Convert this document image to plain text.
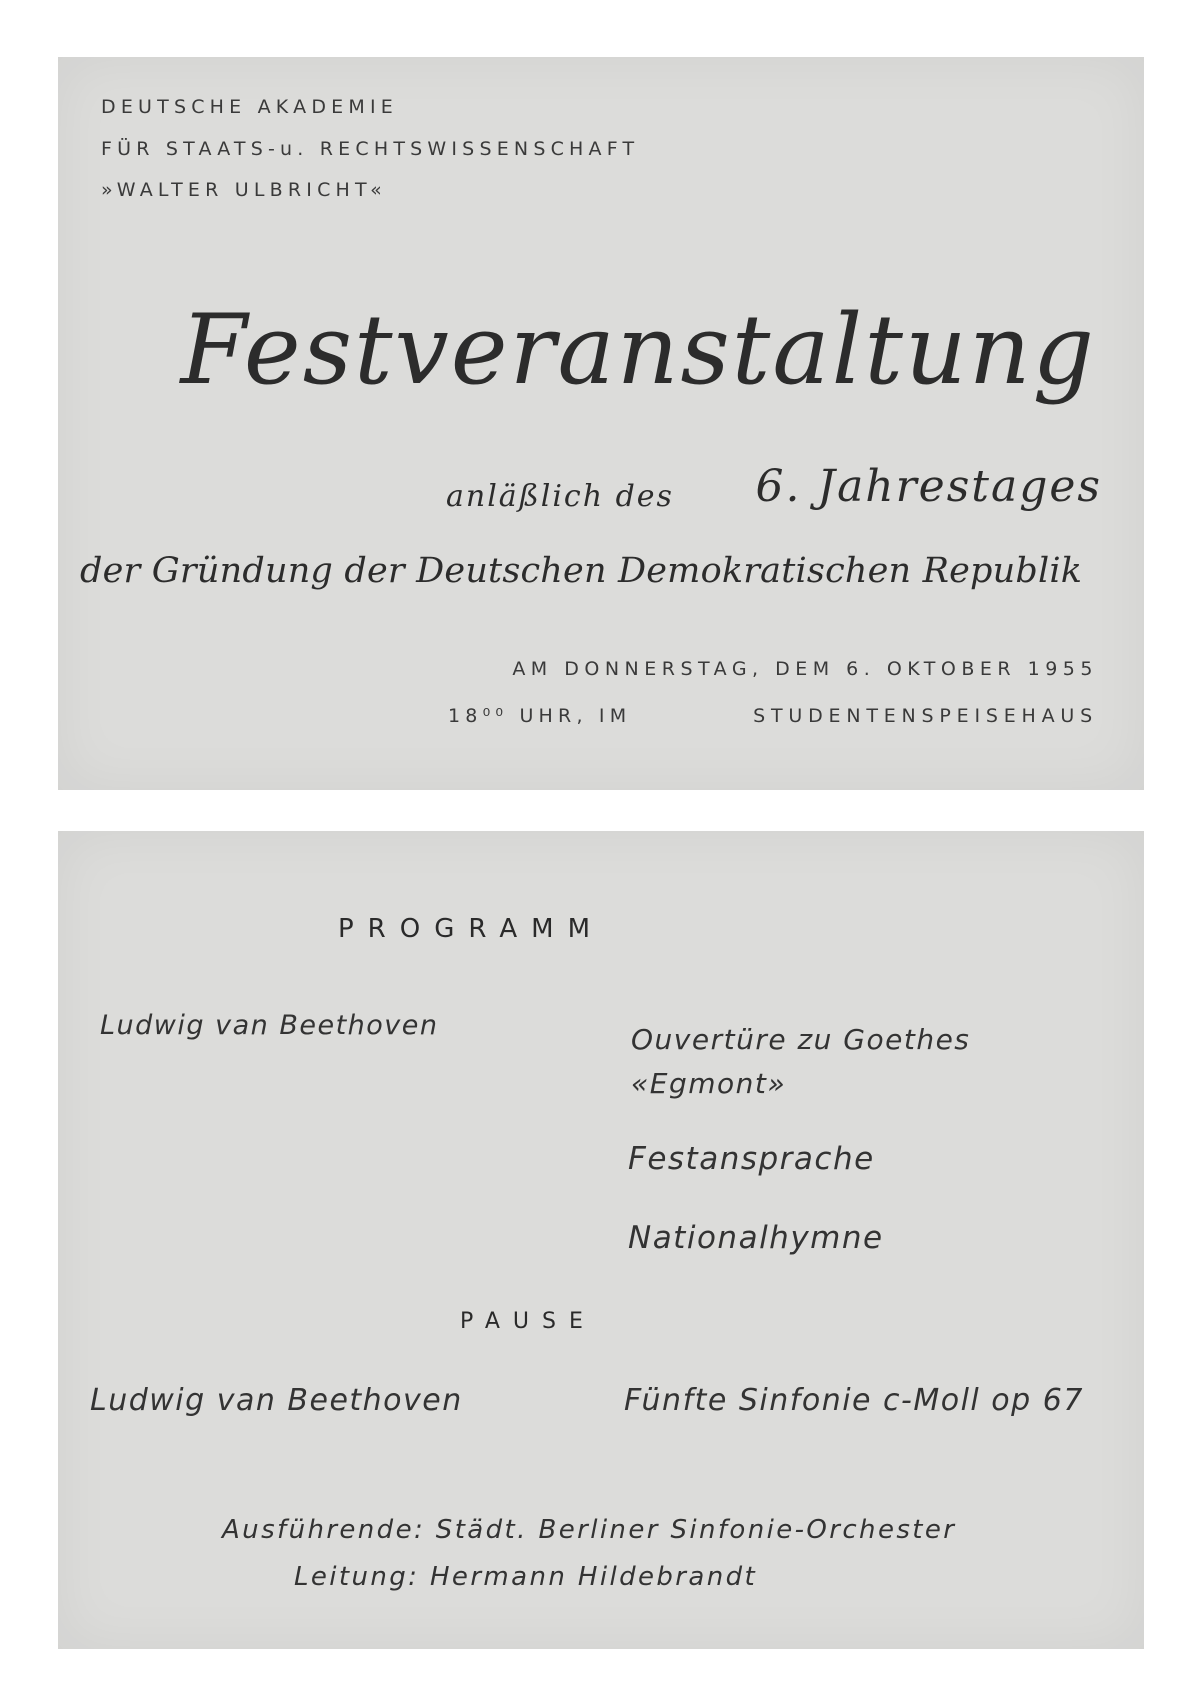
DEUTSCHE AKADEMIE

FÜR STAATS-u. RECHTSWISSENSCHAFT

»WALTER ULBRICHT«

Festveranstaltung

anläßlich des 6. Jahrestages

der Gründung der Deutschen Demokratischen Republik

AM DONNERSTAG, DEM 6. OKTOBER 1955

18⁰⁰ UHR, IM	STUDENTENSPEISEHAUS

PROGRAMM

Ludwig van Beethoven	Ouvertüre zu Goethes

«Egmont»

Festansprache

Nationalhymne

PAUSE

Ludwig van Beethoven	Fünfte Sinfonie c-Moll op 67

Ausführende: Städt. Berliner Sinfonie-Orchester

Leitung: Hermann Hildebrandt
